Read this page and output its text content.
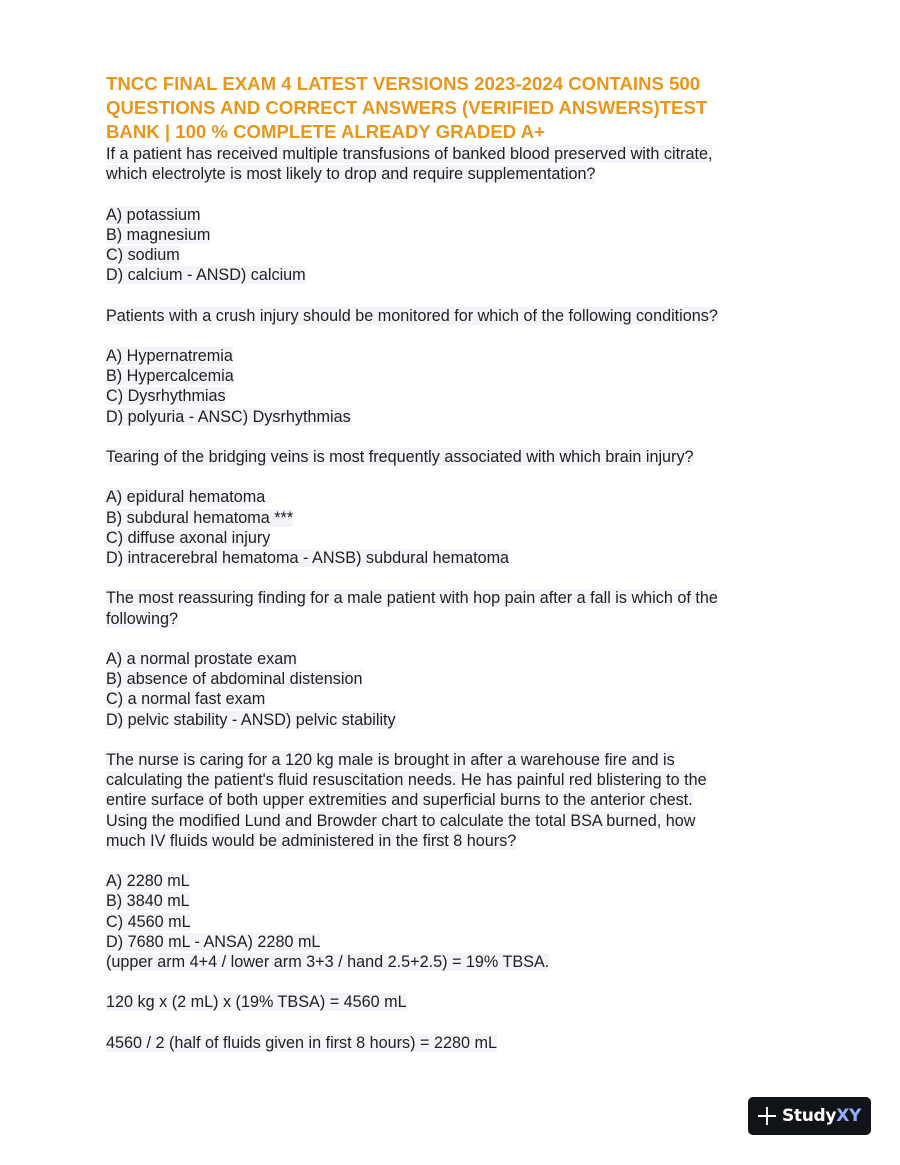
TNCC FINAL EXAM 4 LATEST VERSIONS 2023-2024 CONTAINS 500
QUESTIONS AND CORRECT ANSWERS (VERIFIED ANSWERS)TEST
BANK | 100 % COMPLETE ALREADY GRADED A+
If a patient has received multiple transfusions of banked blood preserved with citrate,
which electrolyte is most likely to drop and require supplementation?
A) potassium
B) magnesium
C) sodium
D) calcium - ANSD) calcium
Patients with a crush injury should be monitored for which of the following conditions?
A) Hypernatremia
B) Hypercalcemia
C) Dysrhythmias
D) polyuria - ANSC) Dysrhythmias
Tearing of the bridging veins is most frequently associated with which brain injury?
A) epidural hematoma
B) subdural hematoma ***
C) diffuse axonal injury
D) intracerebral hematoma - ANSB) subdural hematoma
The most reassuring finding for a male patient with hop pain after a fall is which of the
following?
A) a normal prostate exam
B) absence of abdominal distension
C) a normal fast exam
D) pelvic stability - ANSD) pelvic stability
The nurse is caring for a 120 kg male is brought in after a warehouse fire and is
calculating the patient's fluid resuscitation needs. He has painful red blistering to the
entire surface of both upper extremities and superficial burns to the anterior chest.
Using the modified Lund and Browder chart to calculate the total BSA burned, how
much IV fluids would be administered in the first 8 hours?
A) 2280 mL
B) 3840 mL
C) 4560 mL
D) 7680 mL - ANSA) 2280 mL
(upper arm 4+4 / lower arm 3+3 / hand 2.5+2.5) = 19% TBSA.
120 kg x (2 mL) x (19% TBSA) = 4560 mL
4560 / 2 (half of fluids given in first 8 hours) = 2280 mL
StudyXY
